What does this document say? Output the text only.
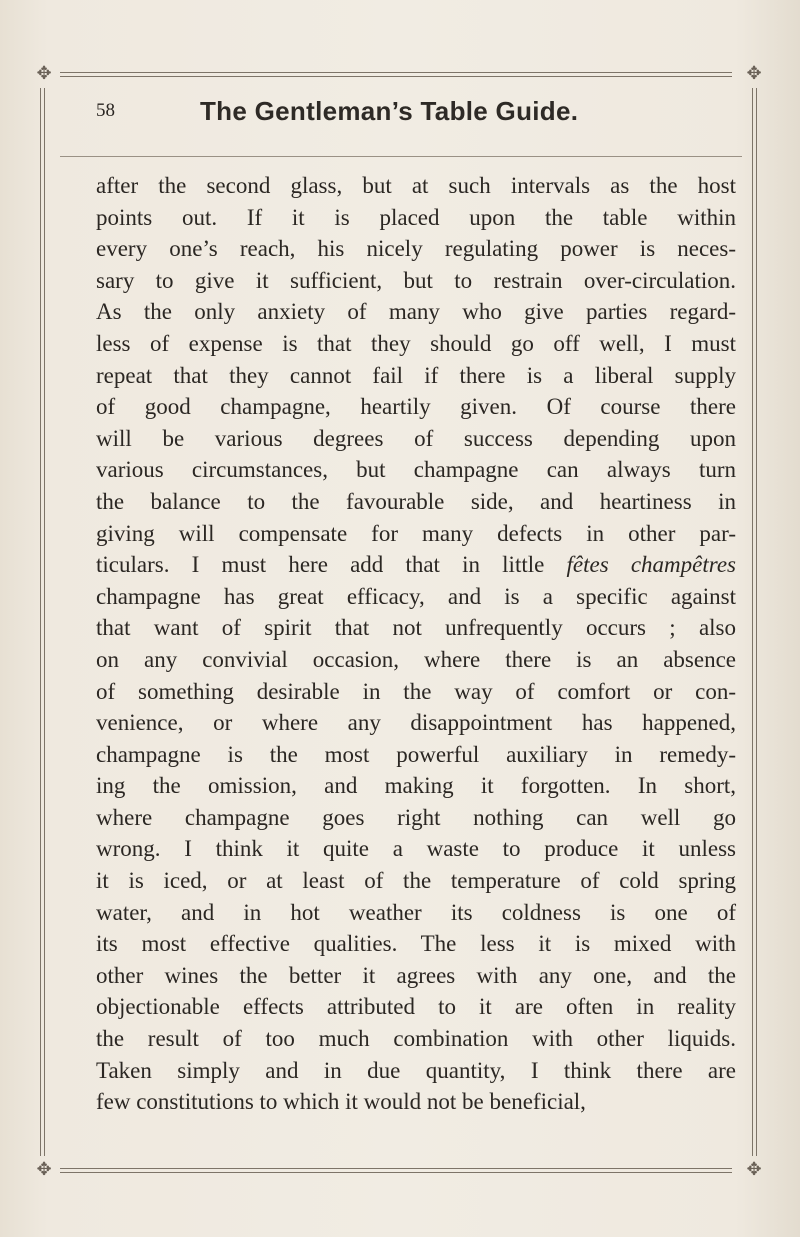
✥	✥
✥	✥
58	The Gentleman’s Table Guide.
after the second glass, but at such intervals as the host
points out. If it is placed upon the table within
every one’s reach, his nicely regulating power is neces-
sary to give it sufficient, but to restrain over-circulation.
As the only anxiety of many who give parties regard-
less of expense is that they should go off well, I must
repeat that they cannot fail if there is a liberal supply
of good champagne, heartily given. Of course there
will be various degrees of success depending upon
various circumstances, but champagne can always turn
the balance to the favourable side, and heartiness in
giving will compensate for many defects in other par-
ticulars. I must here add that in little fêtes champêtres
champagne has great efficacy, and is a specific against
that want of spirit that not unfrequently occurs ; also
on any convivial occasion, where there is an absence
of something desirable in the way of comfort or con-
venience, or where any disappointment has happened,
champagne is the most powerful auxiliary in remedy-
ing the omission, and making it forgotten. In short,
where champagne goes right nothing can well go
wrong. I think it quite a waste to produce it unless
it is iced, or at least of the temperature of cold spring
water, and in hot weather its coldness is one of
its most effective qualities. The less it is mixed with
other wines the better it agrees with any one, and the
objectionable effects attributed to it are often in reality
the result of too much combination with other liquids.
Taken simply and in due quantity, I think there are
few constitutions to which it would not be beneficial,
